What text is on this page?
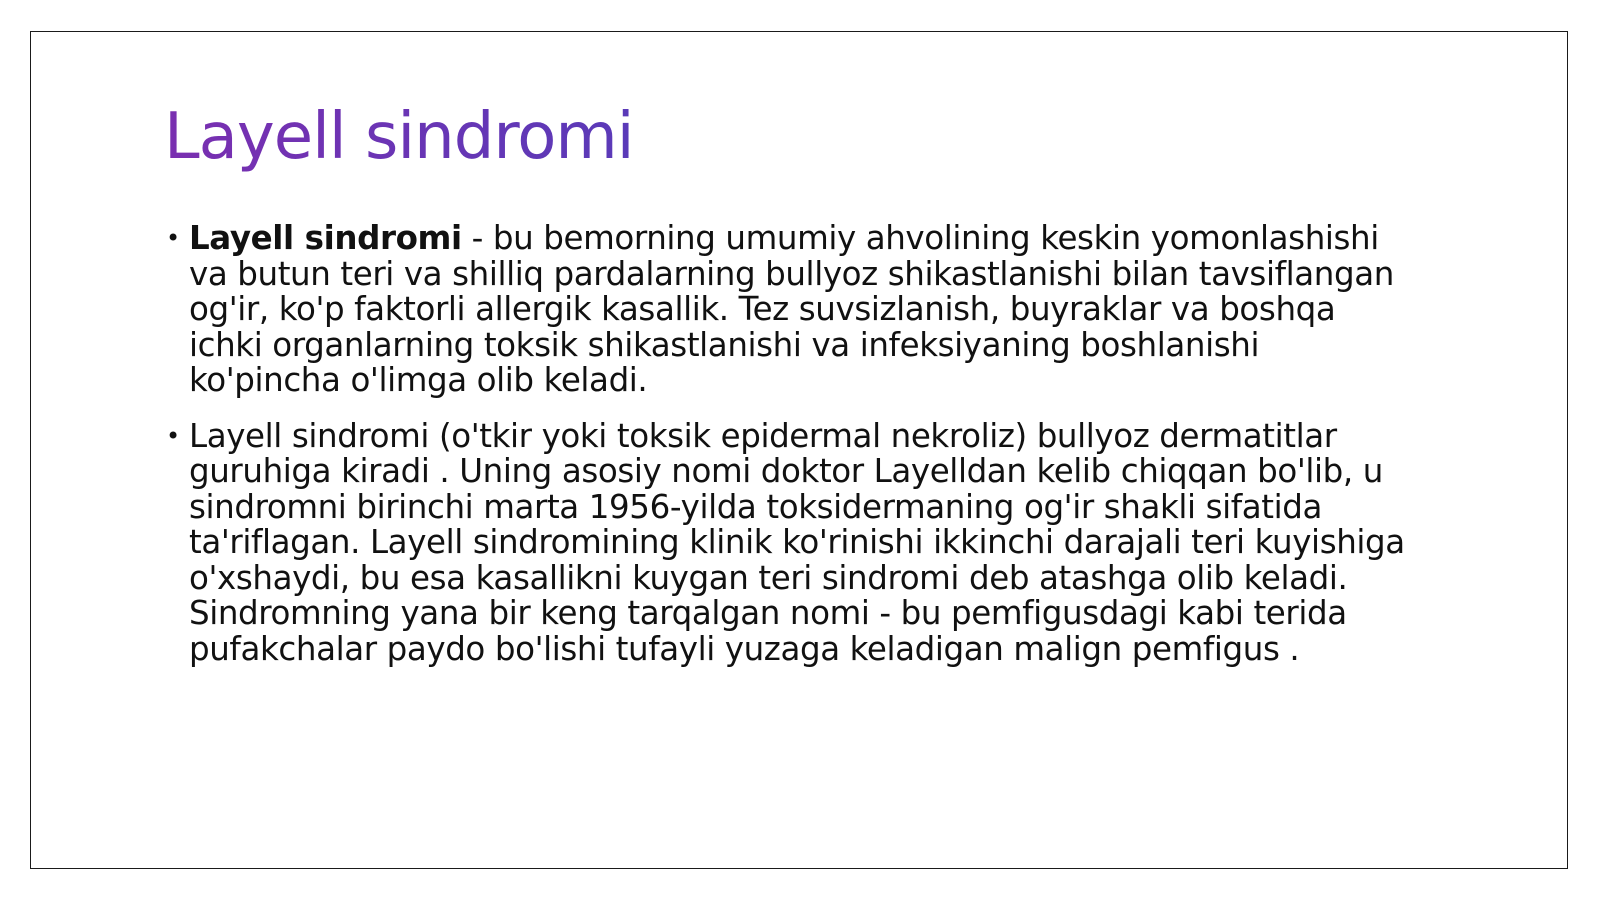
Layell sindromi
• Layell sindromi - bu bemorning umumiy ahvolining keskin yomonlashishi va butun teri va shilliq pardalarning bullyoz shikastlanishi bilan tavsiflangan og'ir, ko'p faktorli allergik kasallik. Tez suvsizlanish, buyraklar va boshqa ichki organlarning toksik shikastlanishi va infeksiyaning boshlanishi ko'pincha o'limga olib keladi.
• Layell sindromi (o'tkir yoki toksik epidermal nekroliz) bullyoz dermatitlar guruhiga kiradi . Uning asosiy nomi doktor Layelldan kelib chiqqan bo'lib, u sindromni birinchi marta 1956-yilda toksidermaning og'ir shakli sifatida ta'riflagan. Layell sindromining klinik ko'rinishi ikkinchi darajali teri kuyishiga o'xshaydi, bu esa kasallikni kuygan teri sindromi deb atashga olib keladi. Sindromning yana bir keng tarqalgan nomi - bu pemfigusdagi kabi terida pufakchalar paydo bo'lishi tufayli yuzaga keladigan malign pemfigus .
